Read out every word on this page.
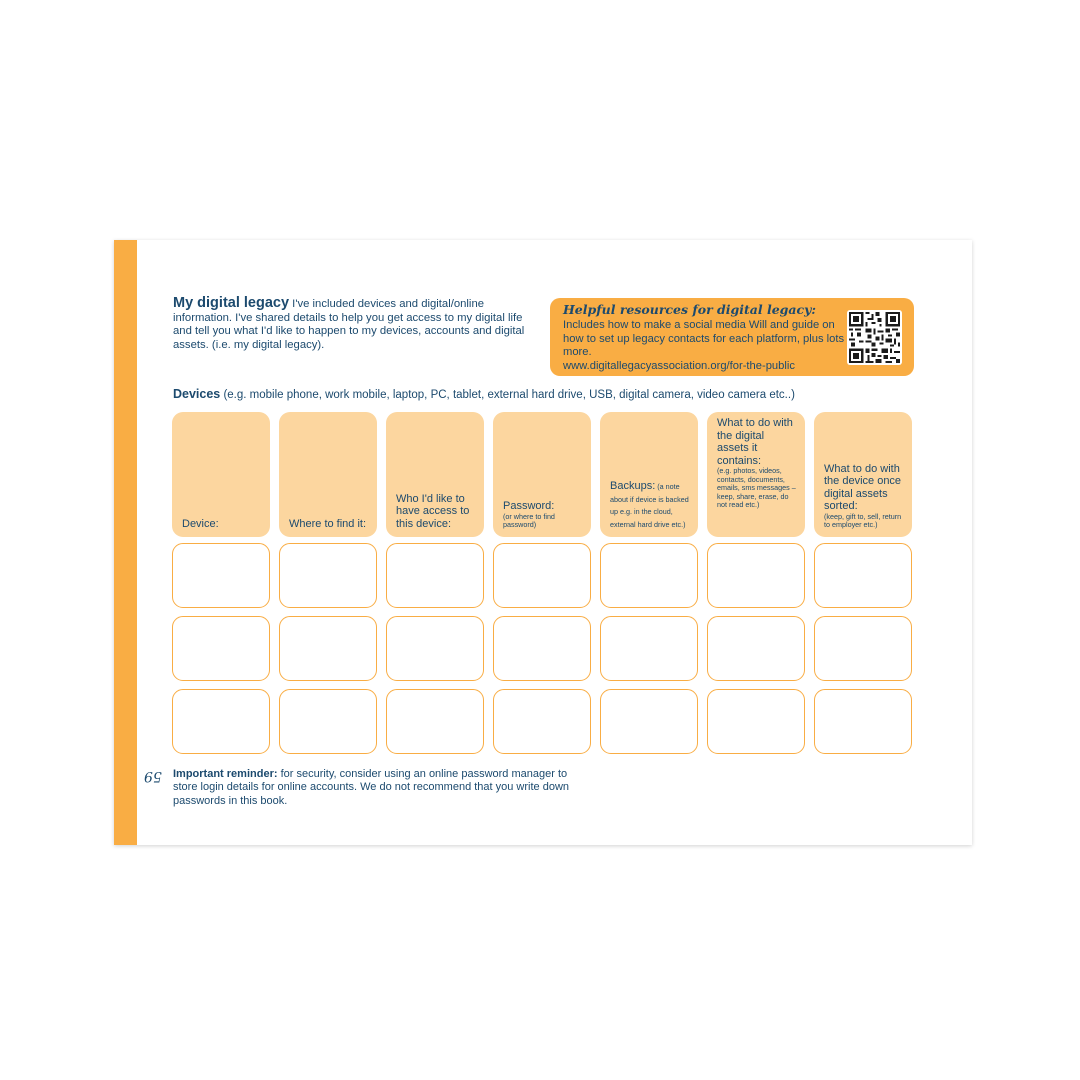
59
My digital legacy I've included devices and digital/online information. I've shared details to help you get access to my digital life and tell you what I'd like to happen to my devices, accounts and digital assets. (i.e. my digital legacy).
Helpful resources for digital legacy:
Includes how to make a social media Will and guide on how to set up legacy contacts for each platform, plus lots more.
www.digitallegacyassociation.org/for-the-public
Devices (e.g. mobile phone, work mobile, laptop, PC, tablet, external hard drive, USB, digital camera, video camera etc..)
Device:	Where to find it:
Who I'd like to have access to this device:
Password:
(or where to find password)
Backups: (a note about if device is backed up e.g. in the cloud, external hard drive etc.)
What to do with the digital assets it contains:
(e.g. photos, videos, contacts, documents, emails, sms messages – keep, share, erase, do not read etc.)
What to do with the device once digital assets sorted:
(keep, gift to, sell, return to employer etc.)
Important reminder: for security, consider using an online password manager to store login details for online accounts. We do not recommend that you write down passwords in this book.
